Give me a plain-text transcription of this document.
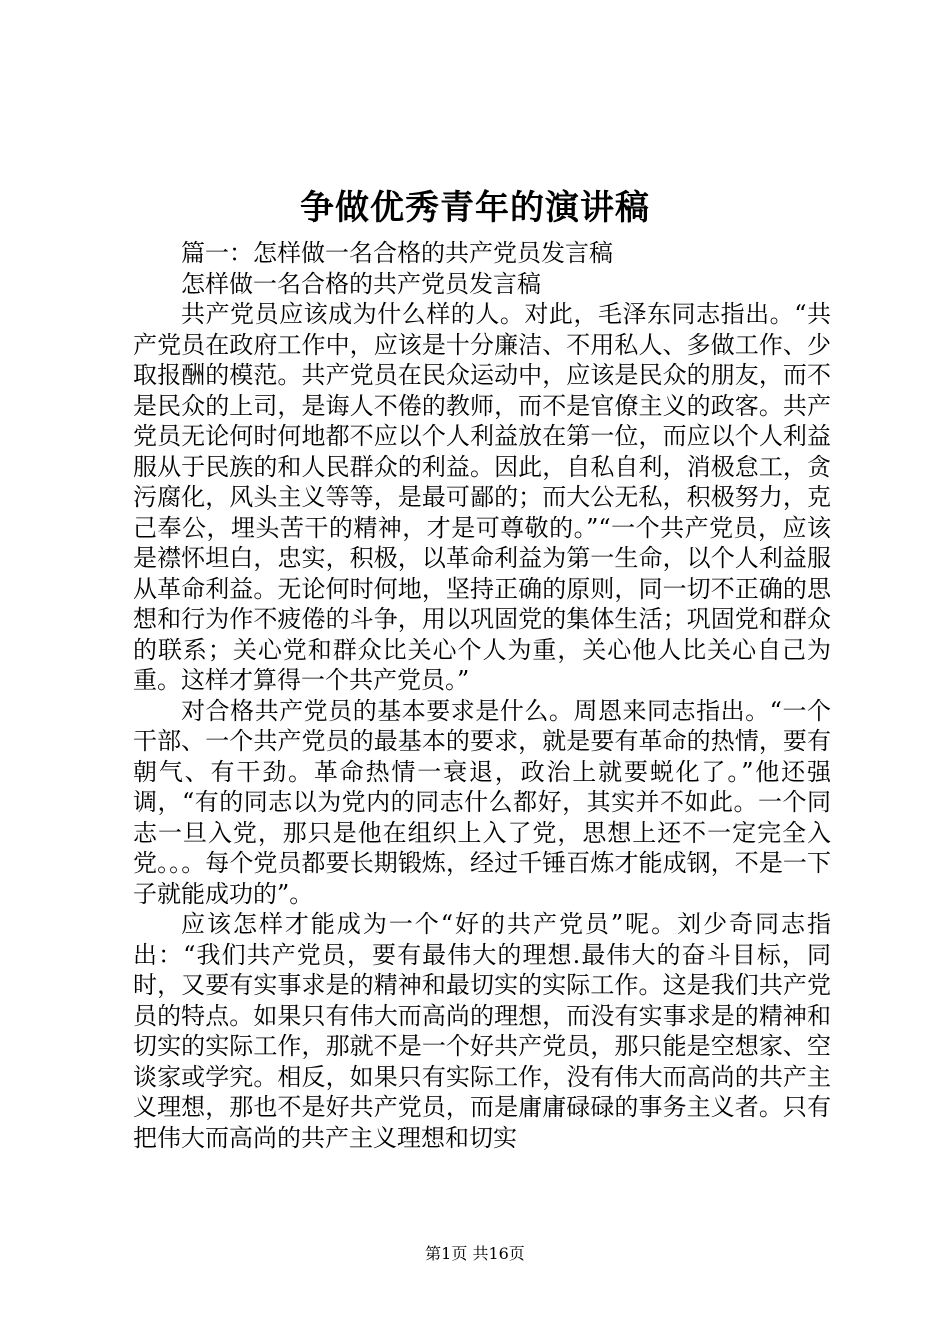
争做优秀青年的演讲稿

篇一：怎样做一名合格的共产党员发言稿

怎样做一名合格的共产党员发言稿

共产党员应该成为什么样的人。对此，毛泽东同志指出。“共产党员在政府工作中，应该是十分廉洁、不用私人、多做工作、少取报酬的模范。共产党员在民众运动中，应该是民众的朋友，而不是民众的上司，是诲人不倦的教师，而不是官僚主义的政客。共产党员无论何时何地都不应以个人利益放在第一位，而应以个人利益服从于民族的和人民群众的利益。因此，自私自利，消极怠工，贪污腐化，风头主义等等，是最可鄙的；而大公无私，积极努力，克己奉公，埋头苦干的精神，才是可尊敬的。”“一个共产党员，应该是襟怀坦白，忠实，积极，以革命利益为第一生命，以个人利益服从革命利益。无论何时何地，坚持正确的原则，同一切不正确的思想和行为作不疲倦的斗争，用以巩固党的集体生活；巩固党和群众的联系；关心党和群众比关心个人为重，关心他人比关心自己为重。这样才算得一个共产党员。”

对合格共产党员的基本要求是什么。周恩来同志指出。“一个干部、一个共产党员的最基本的要求，就是要有革命的热情，要有朝气、有干劲。革命热情一衰退，政治上就要蜕化了。”他还强调，“有的同志以为党内的同志什么都好，其实并不如此。一个同志一旦入党，那只是他在组织上入了党，思想上还不一定完全入党。。。每个党员都要长期锻炼，经过千锤百炼才能成钢，不是一下子就能成功的”。

应该怎样才能成为一个“好的共产党员”呢。刘少奇同志指出：“我们共产党员，要有最伟大的理想.最伟大的奋斗目标，同时，又要有实事求是的精神和最切实的实际工作。这是我们共产党员的特点。如果只有伟大而高尚的理想，而没有实事求是的精神和切实的实际工作，那就不是一个好共产党员，那只能是空想家、空谈家或学究。相反，如果只有实际工作，没有伟大而高尚的共产主义理想，那也不是好共产党员，而是庸庸碌碌的事务主义者。只有把伟大而高尚的共产主义理想和切实

第1页 共16页
